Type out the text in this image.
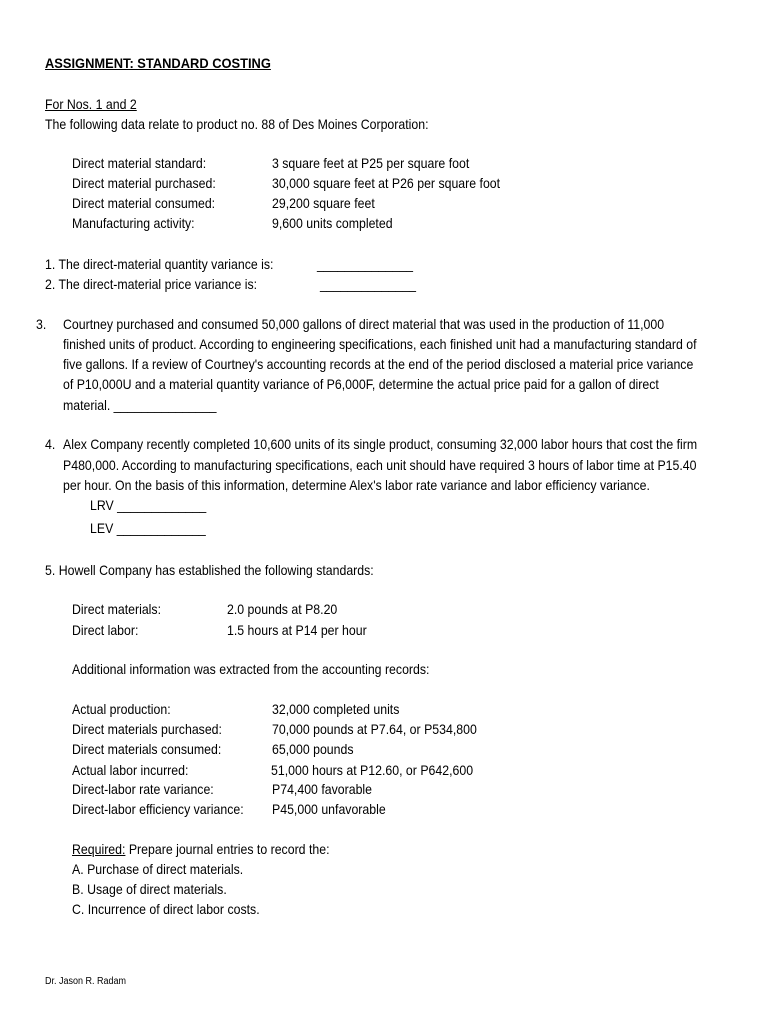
ASSIGNMENT: STANDARD COSTING
For Nos. 1 and 2
The following data relate to product no. 88 of Des Moines Corporation:
Direct material standard:	3 square feet at P25 per square foot
Direct material purchased:	30,000 square feet at P26 per square foot
Direct material consumed:	29,200 square feet
Manufacturing activity:	9,600 units completed
1. The direct-material quantity variance is:	______________
2. The direct-material price variance is:	______________
3. Courtney purchased and consumed 50,000 gallons of direct material that was used in the production of 11,000
finished units of product. According to engineering specifications, each finished unit had a manufacturing standard of
five gallons. If a review of Courtney's accounting records at the end of the period disclosed a material price variance
of P10,000U and a material quantity variance of P6,000F, determine the actual price paid for a gallon of direct
material. _______________
4. Alex Company recently completed 10,600 units of its single product, consuming 32,000 labor hours that cost the firm
P480,000. According to manufacturing specifications, each unit should have required 3 hours of labor time at P15.40
per hour. On the basis of this information, determine Alex's labor rate variance and labor efficiency variance.
LRV _____________
LEV _____________
5. Howell Company has established the following standards:
Direct materials:	2.0 pounds at P8.20
Direct labor:	1.5 hours at P14 per hour
Additional information was extracted from the accounting records:
Actual production:	32,000 completed units
Direct materials purchased:	70,000 pounds at P7.64, or P534,800
Direct materials consumed:	65,000 pounds
Actual labor incurred:	51,000 hours at P12.60, or P642,600
Direct-labor rate variance:	P74,400 favorable
Direct-labor efficiency variance: P45,000 unfavorable
Required: Prepare journal entries to record the:
A. Purchase of direct materials.
B. Usage of direct materials.
C. Incurrence of direct labor costs.
Dr. Jason R. Radam
